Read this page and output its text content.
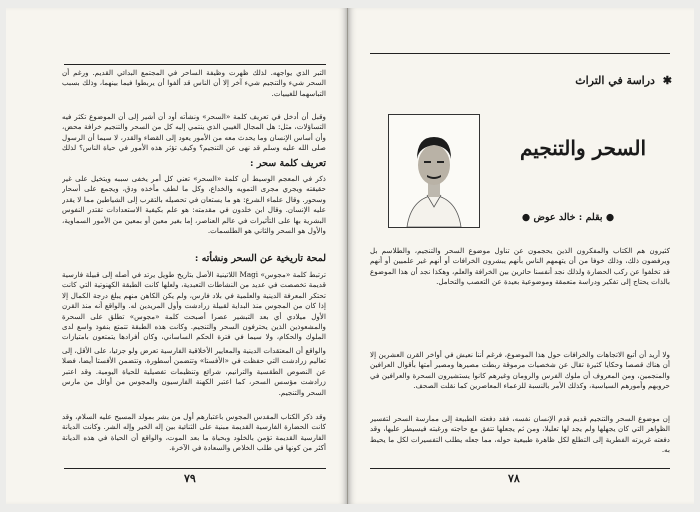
التبر الذي يواجهه. لذلك ظهرت وظيفة الساحر في المجتمع البدائي القديم. ورغم أن السحر شيء والتنجيم شيء آخر إلا أن الناس قد ألفوا أن يربطوا فيما بينهما، وذلك بسبب التباسهما للغيبيات.
وقبل أن أدخل في تعريف كلمة «السحر» ونشأته أود أن أشير إلى أن الموضوع تكثر فيه التساؤلات، مثل: هل المجال الغيبي الذي ينتمي إليه كل من السحر والتنجيم خرافة محض، وأن أساس الإنسان وما يحدث معه من الأمور يعود إلى القضاء والقدر، لا سيما أن الرسول صلى الله عليه وسلم قد نهى عن التنجيم؟ وكيف تؤثر هذه الأمور في حياة الناس؟ لذلك
تعريف كلمة سحر :
ذكر في المعجم الوسيط أن كلمة «السحر» تعني كل أمر يخفى سببه ويتخيل على غير حقيقته ويجري مجرى التمويه والخداع، وكل ما لطف مأخذه ودق، ويجمع على أسحار وسحور. وقال علماء الشرع: هو ما يستعان في تحصيله بالتقرب إلى الشياطين مما لا يقدر عليه الإنسان. وقال ابن خلدون في مقدمته: هو علم بكيفية الاستعدادات تقتدر النفوس البشرية بها على التأثيرات في عالم العناصر، إما بغير معين أو بمعين من الأمور السماوية، والأول هو السحر والثاني هو الطلسمات.
لمحة تاريخية عن السحر ونشأته :
ترتبط كلمة «مجوس» Magi اللاتينية الأصل بتاريخ طويل يرتد في أصله إلى قبيلة فارسية قديمة تخصصت في عديد من النشاطات التعبدية، ولعلها كانت الطبقة الكهنوتية التي كانت تحتكر المعرفة الدينية والعلمية في بلاد فارس، ولم يكن الكاهن منهم يبلغ درجة الكمال إلا إذا كان من المجوس منذ البداية لقبيلة زرادشت وأول المريدين له. والواقع أنه منذ القرن الأول ميلادي أي بعد التبشير عصرا أصبحت كلمة «مجوس» تطلق على السحرة والمشعوذين الذين يحترفون السحر والتنجيم. وكانت هذه الطبقة تتمتع بنفوذ واسع لدى الملوك والحكام، ولا سيما في فترة الحكم الساساني، وكان أفرادها يتمتعون بامتيازات
والواقع أن المعتقدات الدينية والمعايير الأخلاقية الفارسية تعرض ولو جزئيا، على الأقل، إلى تعاليم زرادشت التي حفظت في «الأفستا» وتتضمن أسطورة، وتتضمن الأفستا أيضا، فضلا عن النصوص الطقسية والترانيم، شرائع وتنظيمات تفصيلية للحياة اليومية. وقد اعتبر زرادشت مؤسس السحر، كما اعتبر الكهنة الفارسيون والمجوس من أوائل من مارس السحر والتنجيم.
وقد ذكر الكتاب المقدس المجوس باعتبارهم أول من بشر بمولد المسيح عليه السلام، وقد كانت الحضارة الفارسية القديمة مبنية على الثنائية بين إله الخير وإله الشر. وكانت الديانة الفارسية القديمة تؤمن بالخلود وبحياة ما بعد الموت، والواقع أن الحياة في هذه الديانة أكثر من كونها في طلب الخلاص والسعادة في الآخرة.
٧٩
✱ دراسة في التراث
السحر والتنجيم
● بقلم : خالد عوض ●
كثيرون هم الكتاب والمفكرون الذين يحجمون عن تناول موضوع السحر والتنجيم، والطلاسم بل ويرفضون ذلك، وذلك خوفا من أن يتهمهم الناس بأنهم يبشرون الخرافات أو أنهم غير علميين أو أنهم قد تخلفوا عن ركب الحضارة ولذلك نجد أنفسنا حائرين بين الخرافة والعلم، وهكذا نجد أن هذا الموضوع بالذات يحتاج إلى تفكير ودراسة متعمقة وموضوعية بعيدة عن التعصب والتحامل.
ولا أريد أن أتبع الاتجاهات والخرافات حول هذا الموضوع، فرغم أننا نعيش في أواخر القرن العشرين إلا أن هناك قصصا وحكايا كثيرة تقال عن شخصيات مرموقة ربطت مصيرها ومصير أمتها بأقوال العرافين والمنجمين، ومن المعروف أن ملوك الفرس والرومان وغيرهم كانوا يستشيرون السحرة والعرافين في حروبهم وأمورهم السياسية، وكذلك الأمر بالنسبة للزعماء المعاصرين كما نقلت الصحف.
إن موضوع السحر والتنجيم قديم قدم الإنسان نفسه، فقد دفعته الطبيعة إلى ممارسة السحر لتفسير الظواهر التي كان يجهلها ولم يجد لها تعليلا، ومن ثم يجعلها تتفق مع حاجته ورغبته فيسيطر عليها، وقد دفعته غريزته الفطرية إلى التطلع لكل ظاهرة طبيعية حوله، مما جعله يطلب التفسيرات لكل ما يحيط به.
٧٨
